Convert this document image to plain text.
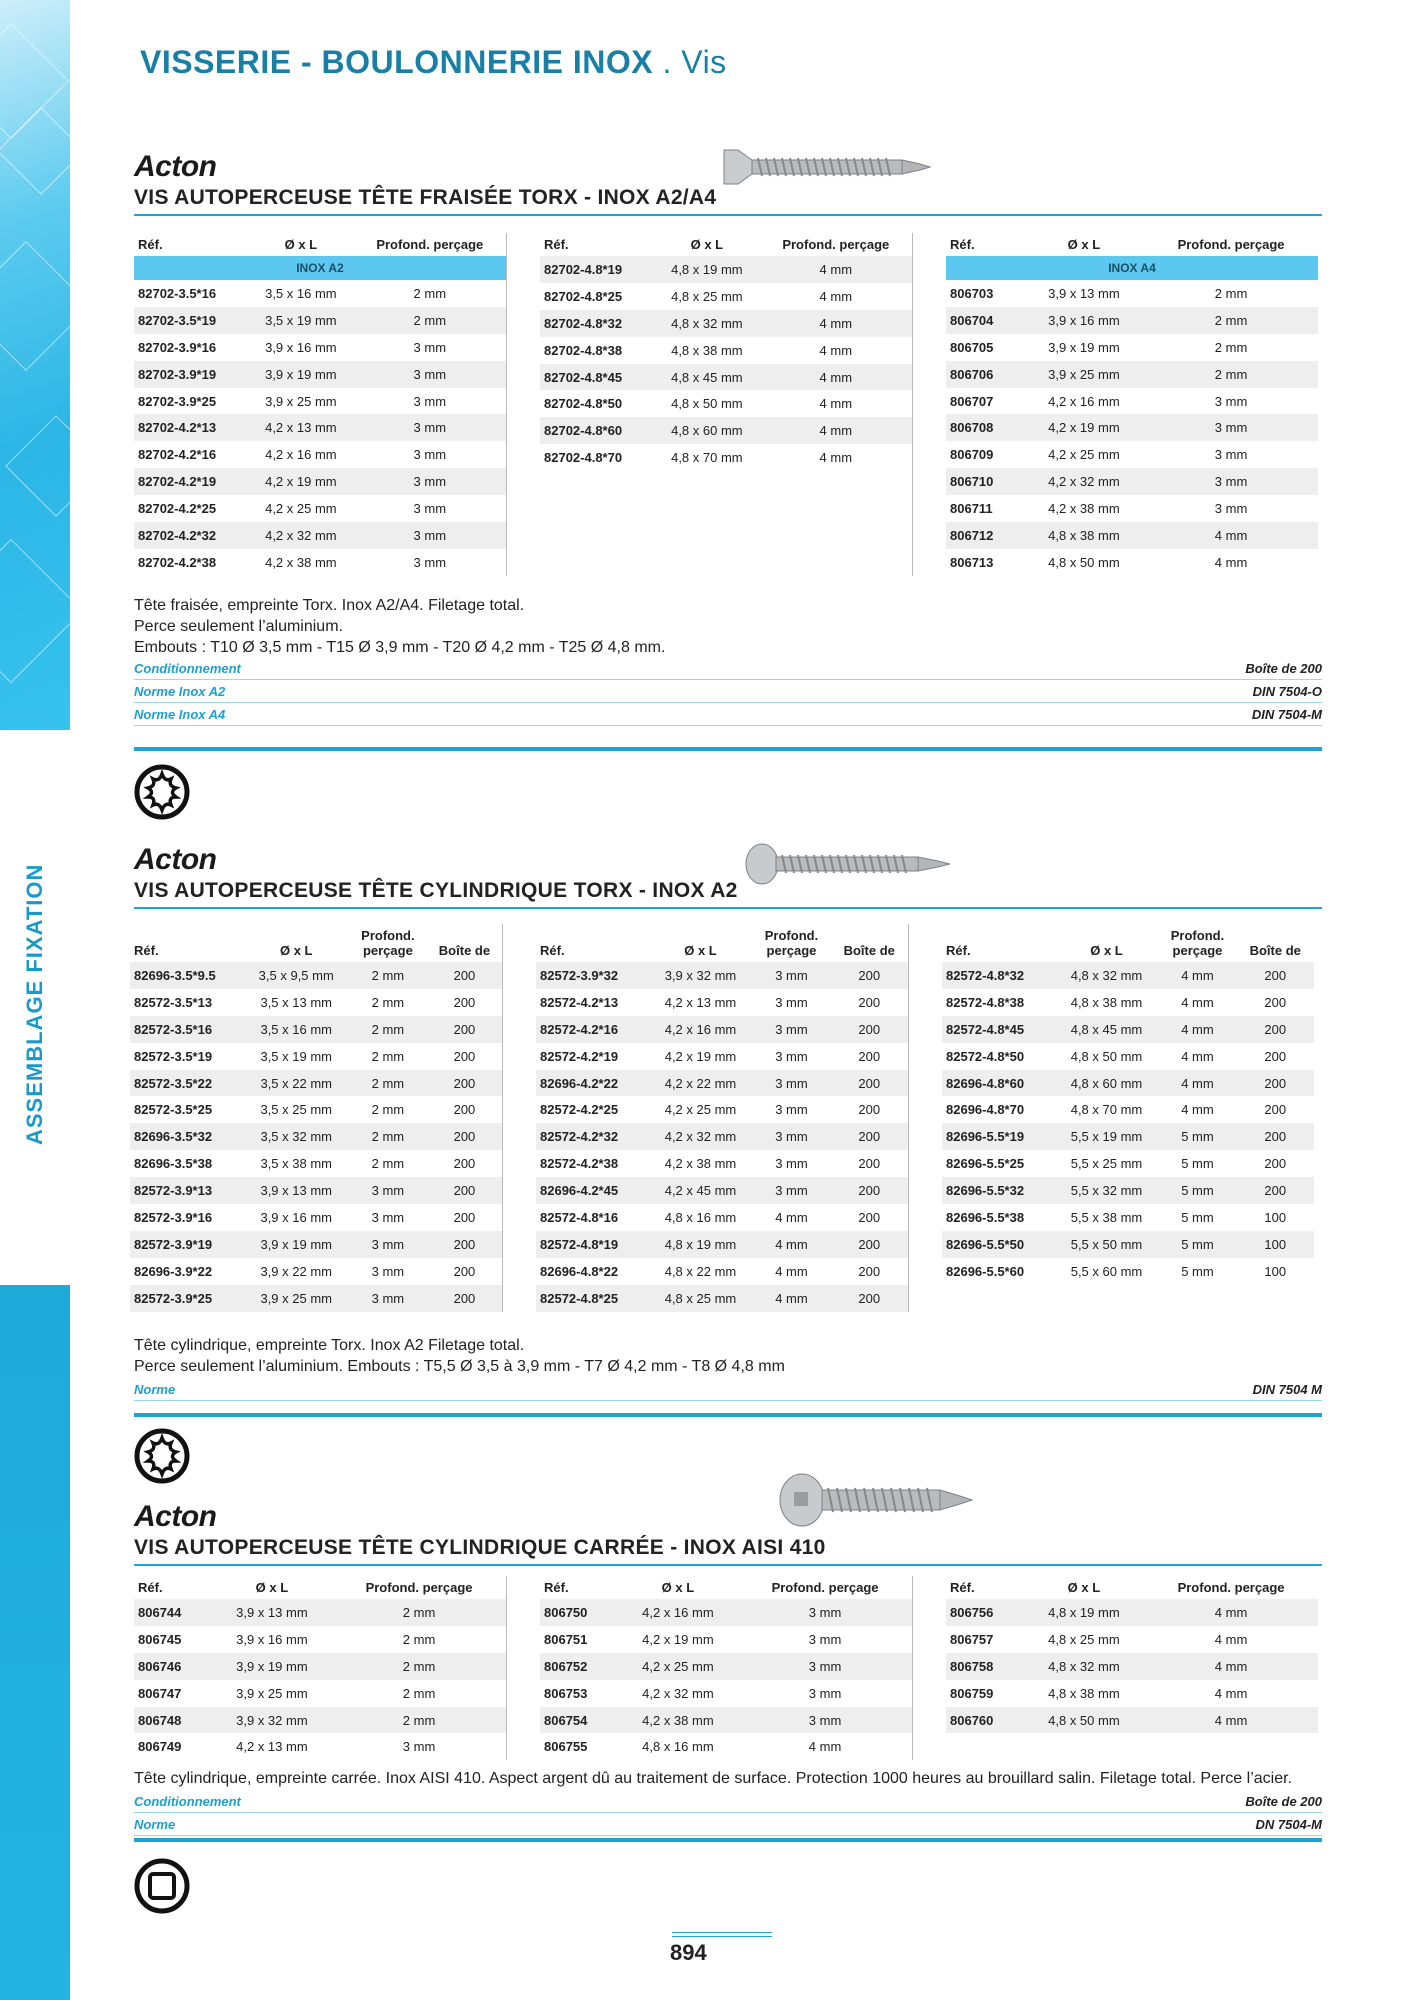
ASSEMBLAGE FIXATION
VISSERIE - BOULONNERIE INOX . Vis
Acton
VIS AUTOPERCEUSE TÊTE FRAISÉE TORX - INOX A2/A4
Réf.	Ø x L	Profond. perçage
INOX A2		
82702-3.5*16	3,5 x 16 mm	2 mm
82702-3.5*19	3,5 x 19 mm	2 mm
82702-3.9*16	3,9 x 16 mm	3 mm
82702-3.9*19	3,9 x 19 mm	3 mm
82702-3.9*25	3,9 x 25 mm	3 mm
82702-4.2*13	4,2 x 13 mm	3 mm
82702-4.2*16	4,2 x 16 mm	3 mm
82702-4.2*19	4,2 x 19 mm	3 mm
82702-4.2*25	4,2 x 25 mm	3 mm
82702-4.2*32	4,2 x 32 mm	3 mm
82702-4.2*38	4,2 x 38 mm	3 mm
Réf.	Ø x L	Profond. perçage
82702-4.8*19	4,8 x 19 mm	4 mm
82702-4.8*25	4,8 x 25 mm	4 mm
82702-4.8*32	4,8 x 32 mm	4 mm
82702-4.8*38	4,8 x 38 mm	4 mm
82702-4.8*45	4,8 x 45 mm	4 mm
82702-4.8*50	4,8 x 50 mm	4 mm
82702-4.8*60	4,8 x 60 mm	4 mm
82702-4.8*70	4,8 x 70 mm	4 mm
Réf.	Ø x L	Profond. perçage
INOX A4		
806703	3,9 x 13 mm	2 mm
806704	3,9 x 16 mm	2 mm
806705	3,9 x 19 mm	2 mm
806706	3,9 x 25 mm	2 mm
806707	4,2 x 16 mm	3 mm
806708	4,2 x 19 mm	3 mm
806709	4,2 x 25 mm	3 mm
806710	4,2 x 32 mm	3 mm
806711	4,2 x 38 mm	3 mm
806712	4,8 x 38 mm	4 mm
806713	4,8 x 50 mm	4 mm
Tête fraisée, empreinte Torx. Inox A2/A4. Filetage total.
Perce seulement l’aluminium.
Embouts : T10 Ø 3,5 mm - T15 Ø 3,9 mm - T20 Ø 4,2 mm - T25 Ø 4,8 mm.
Conditionnement	Boîte de 200
Norme Inox A2	DIN 7504-O
Norme Inox A4	DIN 7504-M
Acton
VIS AUTOPERCEUSE TÊTE CYLINDRIQUE TORX - INOX A2
Réf.	Ø x L	Profond. perçage	Boîte de
82696-3.5*9.5	3,5 x 9,5 mm	2 mm	200
82572-3.5*13	3,5 x 13 mm	2 mm	200
82572-3.5*16	3,5 x 16 mm	2 mm	200
82572-3.5*19	3,5 x 19 mm	2 mm	200
82572-3.5*22	3,5 x 22 mm	2 mm	200
82572-3.5*25	3,5 x 25 mm	2 mm	200
82696-3.5*32	3,5 x 32 mm	2 mm	200
82696-3.5*38	3,5 x 38 mm	2 mm	200
82572-3.9*13	3,9 x 13 mm	3 mm	200
82572-3.9*16	3,9 x 16 mm	3 mm	200
82572-3.9*19	3,9 x 19 mm	3 mm	200
82696-3.9*22	3,9 x 22 mm	3 mm	200
82572-3.9*25	3,9 x 25 mm	3 mm	200
Réf.	Ø x L	Profond. perçage	Boîte de
82572-3.9*32	3,9 x 32 mm	3 mm	200
82572-4.2*13	4,2 x 13 mm	3 mm	200
82572-4.2*16	4,2 x 16 mm	3 mm	200
82572-4.2*19	4,2 x 19 mm	3 mm	200
82696-4.2*22	4,2 x 22 mm	3 mm	200
82572-4.2*25	4,2 x 25 mm	3 mm	200
82572-4.2*32	4,2 x 32 mm	3 mm	200
82572-4.2*38	4,2 x 38 mm	3 mm	200
82696-4.2*45	4,2 x 45 mm	3 mm	200
82572-4.8*16	4,8 x 16 mm	4 mm	200
82572-4.8*19	4,8 x 19 mm	4 mm	200
82696-4.8*22	4,8 x 22 mm	4 mm	200
82572-4.8*25	4,8 x 25 mm	4 mm	200
Réf.	Ø x L	Profond. perçage	Boîte de
82572-4.8*32	4,8 x 32 mm	4 mm	200
82572-4.8*38	4,8 x 38 mm	4 mm	200
82572-4.8*45	4,8 x 45 mm	4 mm	200
82572-4.8*50	4,8 x 50 mm	4 mm	200
82696-4.8*60	4,8 x 60 mm	4 mm	200
82696-4.8*70	4,8 x 70 mm	4 mm	200
82696-5.5*19	5,5 x 19 mm	5 mm	200
82696-5.5*25	5,5 x 25 mm	5 mm	200
82696-5.5*32	5,5 x 32 mm	5 mm	200
82696-5.5*38	5,5 x 38 mm	5 mm	100
82696-5.5*50	5,5 x 50 mm	5 mm	100
82696-5.5*60	5,5 x 60 mm	5 mm	100
Tête cylindrique, empreinte Torx. Inox A2 Filetage total.
Perce seulement l’aluminium. Embouts : T5,5 Ø 3,5 à 3,9 mm - T7 Ø 4,2 mm - T8 Ø 4,8 mm
Norme	DIN 7504 M
Acton
VIS AUTOPERCEUSE TÊTE CYLINDRIQUE CARRÉE - INOX AISI 410
Réf.	Ø x L	Profond. perçage
806744	3,9 x 13 mm	2 mm
806745	3,9 x 16 mm	2 mm
806746	3,9 x 19 mm	2 mm
806747	3,9 x 25 mm	2 mm
806748	3,9 x 32 mm	2 mm
806749	4,2 x 13 mm	3 mm
Réf.	Ø x L	Profond. perçage
806750	4,2 x 16 mm	3 mm
806751	4,2 x 19 mm	3 mm
806752	4,2 x 25 mm	3 mm
806753	4,2 x 32 mm	3 mm
806754	4,2 x 38 mm	3 mm
806755	4,8 x 16 mm	4 mm
Réf.	Ø x L	Profond. perçage
806756	4,8 x 19 mm	4 mm
806757	4,8 x 25 mm	4 mm
806758	4,8 x 32 mm	4 mm
806759	4,8 x 38 mm	4 mm
806760	4,8 x 50 mm	4 mm
Tête cylindrique, empreinte carrée. Inox AISI 410. Aspect argent dû au traitement de surface. Protection 1000 heures au brouillard salin. Filetage total. Perce l’acier.
Conditionnement	Boîte de 200
Norme	DN 7504-M
894
